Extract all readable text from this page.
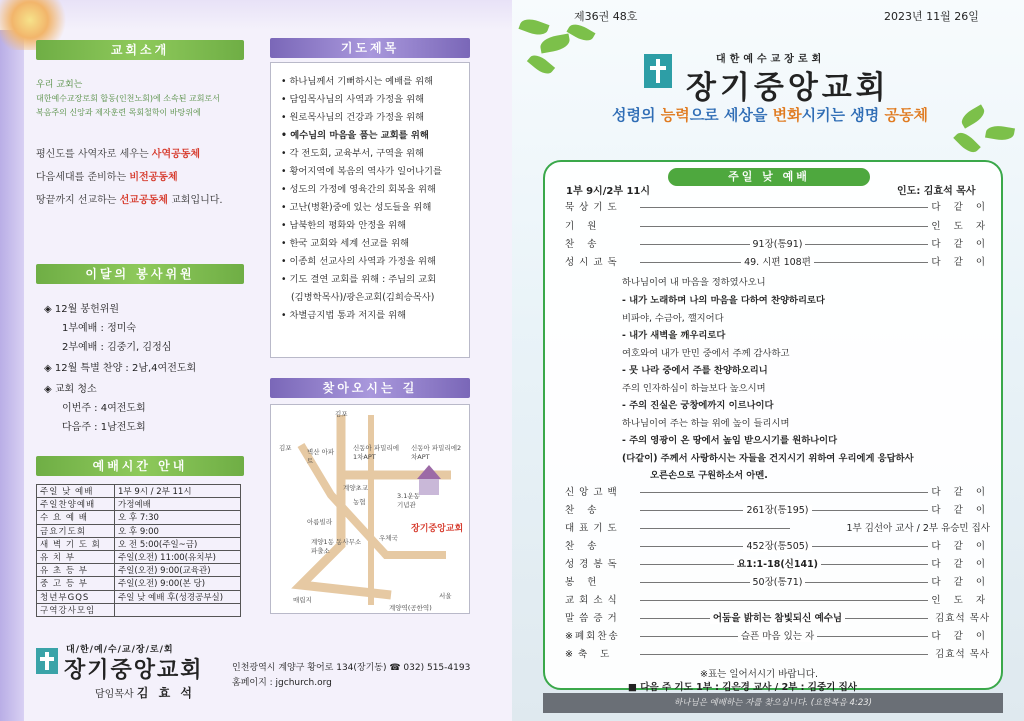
교회소개
우리 교회는
대한예수교장로회 합동(인천노회)에 소속된 교회로서
복음주의 신앙과 제자훈련 목회철학이 바탕위에
평신도를 사역자로 세우는 사역공동체
다음세대를 준비하는 비전공동체
땅끝까지 선교하는 선교공동체 교회입니다.
이달의 봉사위원
◈ 12월 봉헌위원
1부예배 : 정미숙
2부예배 : 김중기, 김정심
◈ 12월 특별 찬양 : 2남,4여전도회
◈ 교회 청소
이번주 : 4여전도회
다음주 : 1남전도회
예배시간 안내
주일 낮 예배	1부 9시 / 2부 11시
주일찬양예배	가정예배
수 요 예 배	오 후 7:30
금요기도회	오 후 9:00
새 벽 기 도 회	오 전 5:00(주일~금)
유 치 부	주일(오전) 11:00(유치부)
유 초 등 부	주일(오전) 9:00(교육관)
중 고 등 부	주일(오전) 9:00(본 당)
청년부GQS	주일 낮 예배 후(성경공부실)
구역강사모임	
기도제목
• 하나님께서 기뻐하시는 예배를 위해
• 담임목사님의 사역과 가정을 위해
• 원로목사님의 건강과 가정을 위해
• 예수님의 마음을 품는 교회를 위해
• 각 전도회, 교육부서, 구역을 위해
• 황어지역에 복음의 역사가 일어나기를
• 성도의 가정에 영육간의 회복을 위해
• 고난(병환)중에 있는 성도들을 위해
• 남북한의 평화와 안정을 위해
• 한국 교회와 세계 선교를 위해
• 이종희 선교사의 사역과 가정을 위해
• 기도 결연 교회를 위해 : 주님의 교회
(김병학목사)/광은교회(김희승목사)
• 차별금지법 통과 저지를 위해
찾아오시는 길
김포
김포 벽산 아파트
신동아 파밀리에1차APT
신동아 파밀리에2차APT
계양초교
농협
3.1운동 기념관
아름빌라
계양1동 동사무소 파출소
우체국
장기중앙교회
매립지
계양역(공한역)
서울
대/한/예/수/교/장/로/회
장기중앙교회
담임목사 김 효 석
인천광역시 계양구 황어로 134(장기동) ☎ 032) 515-4193
홈페이지 : jgchurch.org
제36권 48호	2023년 11월 26일
대한예수교장로회
장기중앙교회
성령의 능력으로 세상을 변화시키는 생명 공동체
주일 낮 예배
1부 9시/2부 11시	인도: 김효석 목사
묵상기도	다 같 이
기 원	인 도 자
찬 송	91장(통91)	다 같 이
성시교독	49. 시편 108편	다 같 이
하나님이여 내 마음을 정하였사오니
- 내가 노래하며 나의 마음을 다하여 찬양하리로다
비파야, 수금아, 깰지어다
- 내가 새벽을 깨우리로다
여호와여 내가 만민 중에서 주께 감사하고
- 뭇 나라 중에서 주를 찬양하오리니
주의 인자하심이 하늘보다 높으시며
- 주의 진실은 궁창에까지 이르나이다
하나님이여 주는 하늘 위에 높이 들리시며
- 주의 영광이 온 땅에서 높임 받으시기를 원하나이다
(다같이) 주께서 사랑하시는 자들을 건지시기 위하여 우리에게 응답하사
오른손으로 구원하소서 아멘.
신앙고백	다 같 이
찬 송	261장(통195)	다 같 이
대표기도	1부 김선아 교사 / 2부 유승민 집사
찬 송	452장(통505)	다 같 이
성경봉독	요1:1-18(신141)	다 같 이
봉 헌	50장(통71)	다 같 이
교회소식	인 도 자
말씀증거	어둠을 밝히는 참빛되신 예수님	김효석 목사
※폐회찬송	슬픈 마음 있는 자	다 같 이
※축 도	김효석 목사
※표는 일어서시기 바랍니다.
■ 다음 주 기도 1부 : 김은경 교사 / 2부 : 김중기 집사
하나님은 예배하는 자를 찾으십니다. (요한복음 4:23)
